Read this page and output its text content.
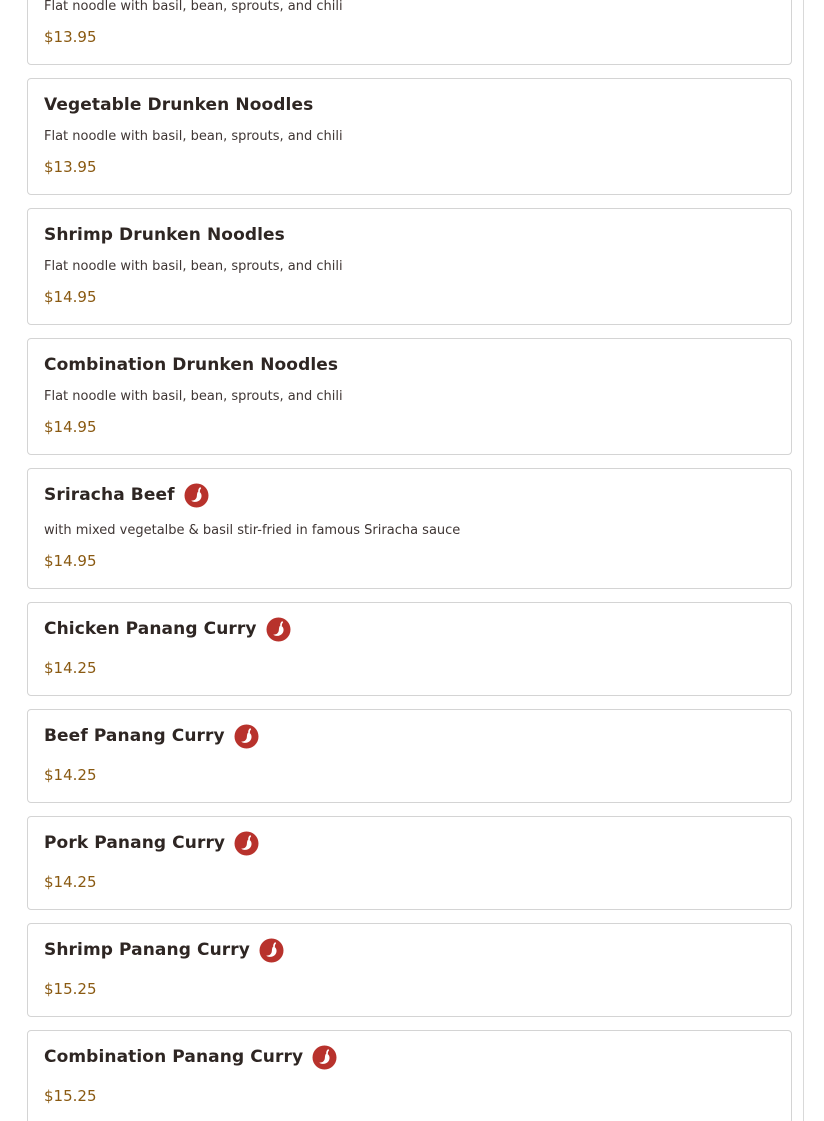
Flat noodle with basil, bean, sprouts, and chili
$13.95
Vegetable Drunken Noodles
Flat noodle with basil, bean, sprouts, and chili
$13.95
Shrimp Drunken Noodles
Flat noodle with basil, bean, sprouts, and chili
$14.95
Combination Drunken Noodles
Flat noodle with basil, bean, sprouts, and chili
$14.95
Sriracha Beef
with mixed vegetalbe & basil stir-fried in famous Sriracha sauce
$14.95
Chicken Panang Curry
$14.25
Beef Panang Curry
$14.25
Pork Panang Curry
$14.25
Shrimp Panang Curry
$15.25
Combination Panang Curry
$15.25
